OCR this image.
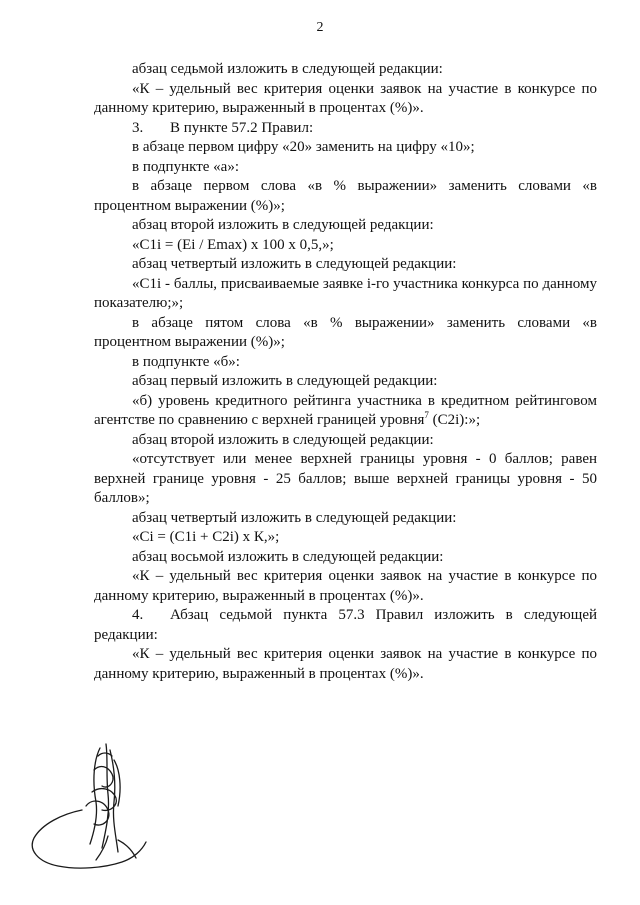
2

абзац седьмой изложить в следующей редакции:

«К – удельный вес критерия оценки заявок на участие в конкурсе по данному критерию, выраженный в процентах (%)».

3. В пункте 57.2 Правил:

в абзаце первом цифру «20» заменить на цифру «10»;

в подпункте «а»:

в абзаце первом слова «в % выражении» заменить словами «в процентном выражении (%)»;

абзац второй изложить в следующей редакции:

«С1i = (Ei / Emax) x 100 x 0,5,»;

абзац четвертый изложить в следующей редакции:

«С1i - баллы, присваиваемые заявке i-го участника конкурса по данному показателю;»;

в абзаце пятом слова «в % выражении» заменить словами «в процентном выражении (%)»;

в подпункте «б»:

абзац первый изложить в следующей редакции:

«б) уровень кредитного рейтинга участника в кредитном рейтинговом агентстве по сравнению с верхней границей уровня$^7$ (С2i):»;

абзац второй изложить в следующей редакции:

«отсутствует или менее верхней границы уровня - 0 баллов; равен верхней границе уровня - 25 баллов; выше верхней границы уровня - 50 баллов»;

абзац четвертый изложить в следующей редакции:

«Сi = (С1i + С2i) x К,»;

абзац восьмой изложить в следующей редакции:

«К – удельный вес критерия оценки заявок на участие в конкурсе по данному критерию, выраженный в процентах (%)».

4. Абзац седьмой пункта 57.3 Правил изложить в следующей редакции:

«К – удельный вес критерия оценки заявок на участие в конкурсе по данному критерию, выраженный в процентах (%)».
